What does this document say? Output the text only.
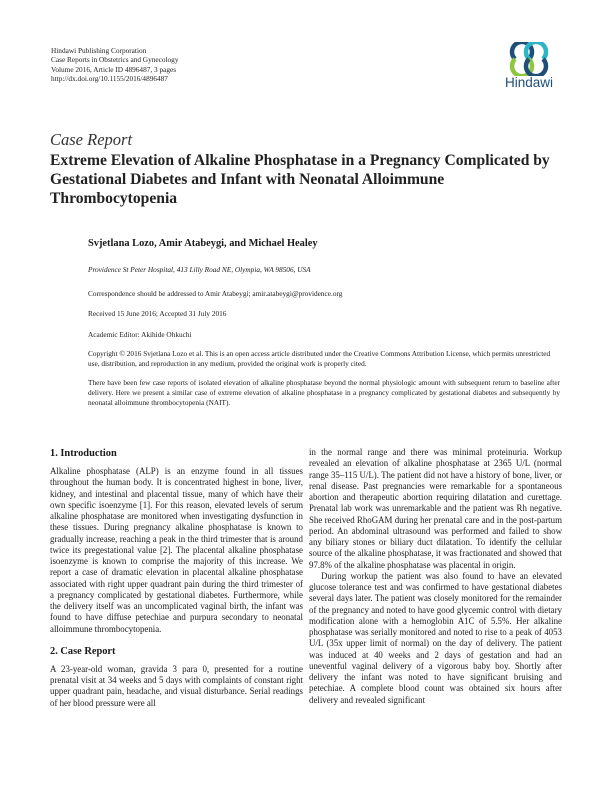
Hindawi Publishing Corporation
Case Reports in Obstetrics and Gynecology
Volume 2016, Article ID 4896487, 3 pages
http://dx.doi.org/10.1155/2016/4896487	Hindawi
Case Report
Extreme Elevation of Alkaline Phosphatase in a Pregnancy Complicated by Gestational Diabetes and Infant with Neonatal Alloimmune Thrombocytopenia
Svjetlana Lozo, Amir Atabeygi, and Michael Healey
Providence St Peter Hospital, 413 Lilly Road NE, Olympia, WA 98506, USA
Correspondence should be addressed to Amir Atabeygi; amir.atabeygi@providence.org
Received 15 June 2016; Accepted 31 July 2016
Academic Editor: Akihide Ohkuchi
Copyright © 2016 Svjetlana Lozo et al. This is an open access article distributed under the Creative Commons Attribution License, which permits unrestricted use, distribution, and reproduction in any medium, provided the original work is properly cited.
There have been few case reports of isolated elevation of alkaline phosphatase beyond the normal physiologic amount with subsequent return to baseline after delivery. Here we present a similar case of extreme elevation of alkaline phosphatase in a pregnancy complicated by gestational diabetes and subsequently by neonatal alloimmune thrombocytopenia (NAIT).
1. Introduction

Alkaline phosphatase (ALP) is an enzyme found in all tissues throughout the human body. It is concentrated highest in bone, liver, kidney, and intestinal and placental tissue, many of which have their own specific isoenzyme [1]. For this reason, elevated levels of serum alkaline phosphatase are monitored when investigating dysfunction in these tissues. During pregnancy alkaline phosphatase is known to gradually increase, reaching a peak in the third trimester that is around twice its pregestational value [2]. The placental alkaline phosphatase isoenzyme is known to comprise the majority of this increase. We report a case of dramatic elevation in placental alkaline phosphatase associated with right upper quadrant pain during the third trimester of a pregnancy complicated by gestational diabetes. Furthermore, while the delivery itself was an uncomplicated vaginal birth, the infant was found to have diffuse petechiae and purpura secondary to neonatal alloimmune thrombocytopenia.

2. Case Report

A 23-year-old woman, gravida 3 para 0, presented for a routine prenatal visit at 34 weeks and 5 days with complaints of constant right upper quadrant pain, headache, and visual disturbance. Serial readings of her blood pressure were all

in the normal range and there was minimal proteinuria. Workup revealed an elevation of alkaline phosphatase at 2365 U/L (normal range 35–115 U/L). The patient did not have a history of bone, liver, or renal disease. Past pregnancies were remarkable for a spontaneous abortion and therapeutic abortion requiring dilatation and curettage. Prenatal lab work was unremarkable and the patient was Rh negative. She received RhoGAM during her prenatal care and in the post-partum period. An abdominal ultrasound was performed and failed to show any biliary stones or biliary duct dilatation. To identify the cellular source of the alkaline phosphatase, it was fractionated and showed that 97.8% of the alkaline phosphatase was placental in origin.

During workup the patient was also found to have an elevated glucose tolerance test and was confirmed to have gestational diabetes several days later. The patient was closely monitored for the remainder of the pregnancy and noted to have good glycemic control with dietary modification alone with a hemoglobin A1C of 5.5%. Her alkaline phosphatase was serially monitored and noted to rise to a peak of 4053 U/L (35x upper limit of normal) on the day of delivery. The patient was induced at 40 weeks and 2 days of gestation and had an uneventful vaginal delivery of a vigorous baby boy. Shortly after delivery the infant was noted to have significant bruising and petechiae. A complete blood count was obtained six hours after delivery and revealed significant
